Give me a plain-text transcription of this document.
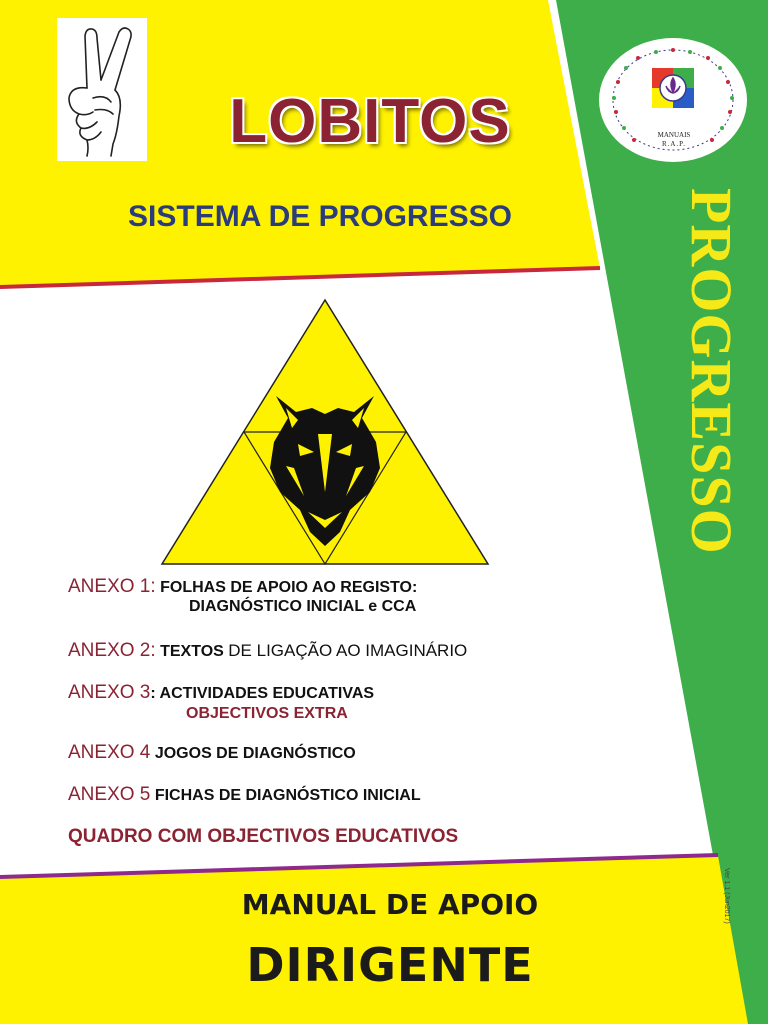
LOBITOS
SISTEMA DE PROGRESSO
MANUAIS
R.A.P.
PROGRESSO
ANEXO 1: FOLHAS DE APOIO AO REGISTO:
DIAGNÓSTICO INICIAL e CCA
ANEXO 2: TEXTOS DE LIGAÇÃO AO IMAGINÁRIO
ANEXO 3: ACTIVIDADES EDUCATIVAS
OBJECTIVOS EXTRA
ANEXO 4 JOGOS DE DIAGNÓSTICO
ANEXO 5 FICHAS DE DIAGNÓSTICO INICIAL
QUADRO COM OBJECTIVOS EDUCATIVOS
Ver 1.1 (Jun2017)
MANUAL DE APOIO
DIRIGENTE
